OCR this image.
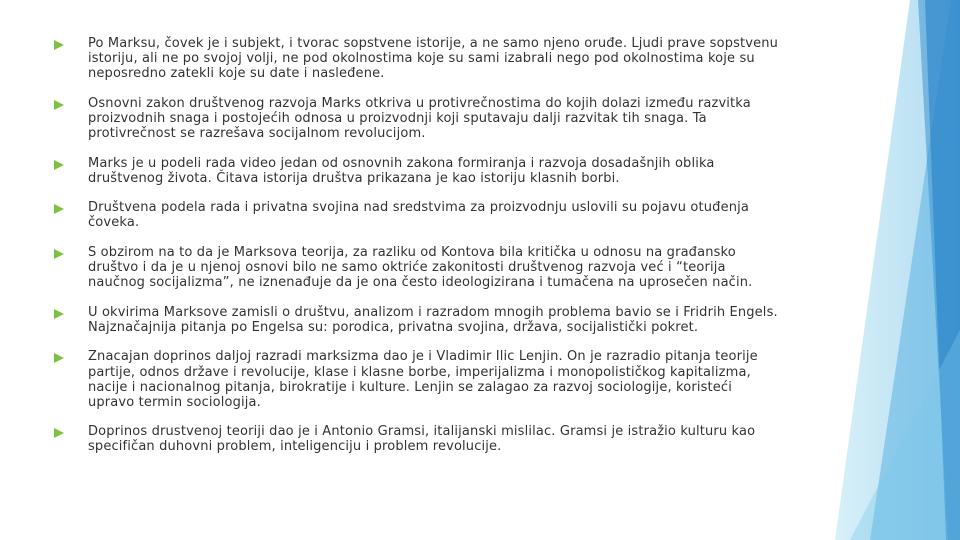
Po Marksu, čovek je i subjekt, i tvorac sopstvene istorije, a ne samo njeno oruđe. Ljudi prave sopstvenu istoriju, ali ne po svojoj volji, ne pod okolnostima koje su sami izabrali nego pod okolnostima koje su neposredno zatekli koje su date i nasleđene.
Osnovni zakon društvenog razvoja Marks otkriva u protivrečnostima do kojih dolazi između razvitka proizvodnih snaga i postojećih odnosa u proizvodnji koji sputavaju dalji razvitak tih snaga. Ta protivrečnost se razrešava socijalnom revolucijom.
Marks je u podeli rada video jedan od osnovnih zakona formiranja i razvoja dosadašnjih oblika društvenog života. Čitava istorija društva prikazana je kao istoriju klasnih borbi.
Društvena podela rada i privatna svojina nad sredstvima za proizvodnju uslovili su pojavu otuđenja čoveka.
S obzirom na to da je Marksova teorija, za razliku od Kontova bila kritička u odnosu na građansko društvo i da je u njenoj osnovi bilo ne samo oktriće zakonitosti društvenog razvoja već i “teorija naučnog socijalizma”, ne iznenađuje da je ona često ideologizirana i tumačena na uprosečen način.
U okvirima Marksove zamisli o društvu, analizom i razradom mnogih problema bavio se i Fridrih Engels. Najznačajnija pitanja po Engelsa su: porodica, privatna svojina, država, socijalistički pokret.
Znacajan doprinos daljoj razradi marksizma dao je i Vladimir Ilic Lenjin. On je razradio pitanja teorije partije, odnos države i revolucije, klase i klasne borbe, imperijalizma i monopolističkog kapitalizma, nacije i nacionalnog pitanja, birokratije i kulture. Lenjin se zalagao za razvoj sociologije, koristeći upravo termin sociologija.
Doprinos drustvenoj teoriji dao je i Antonio Gramsi, italijanski mislilac. Gramsi je istražio kulturu kao specifičan duhovni problem, inteligenciju i problem revolucije.
